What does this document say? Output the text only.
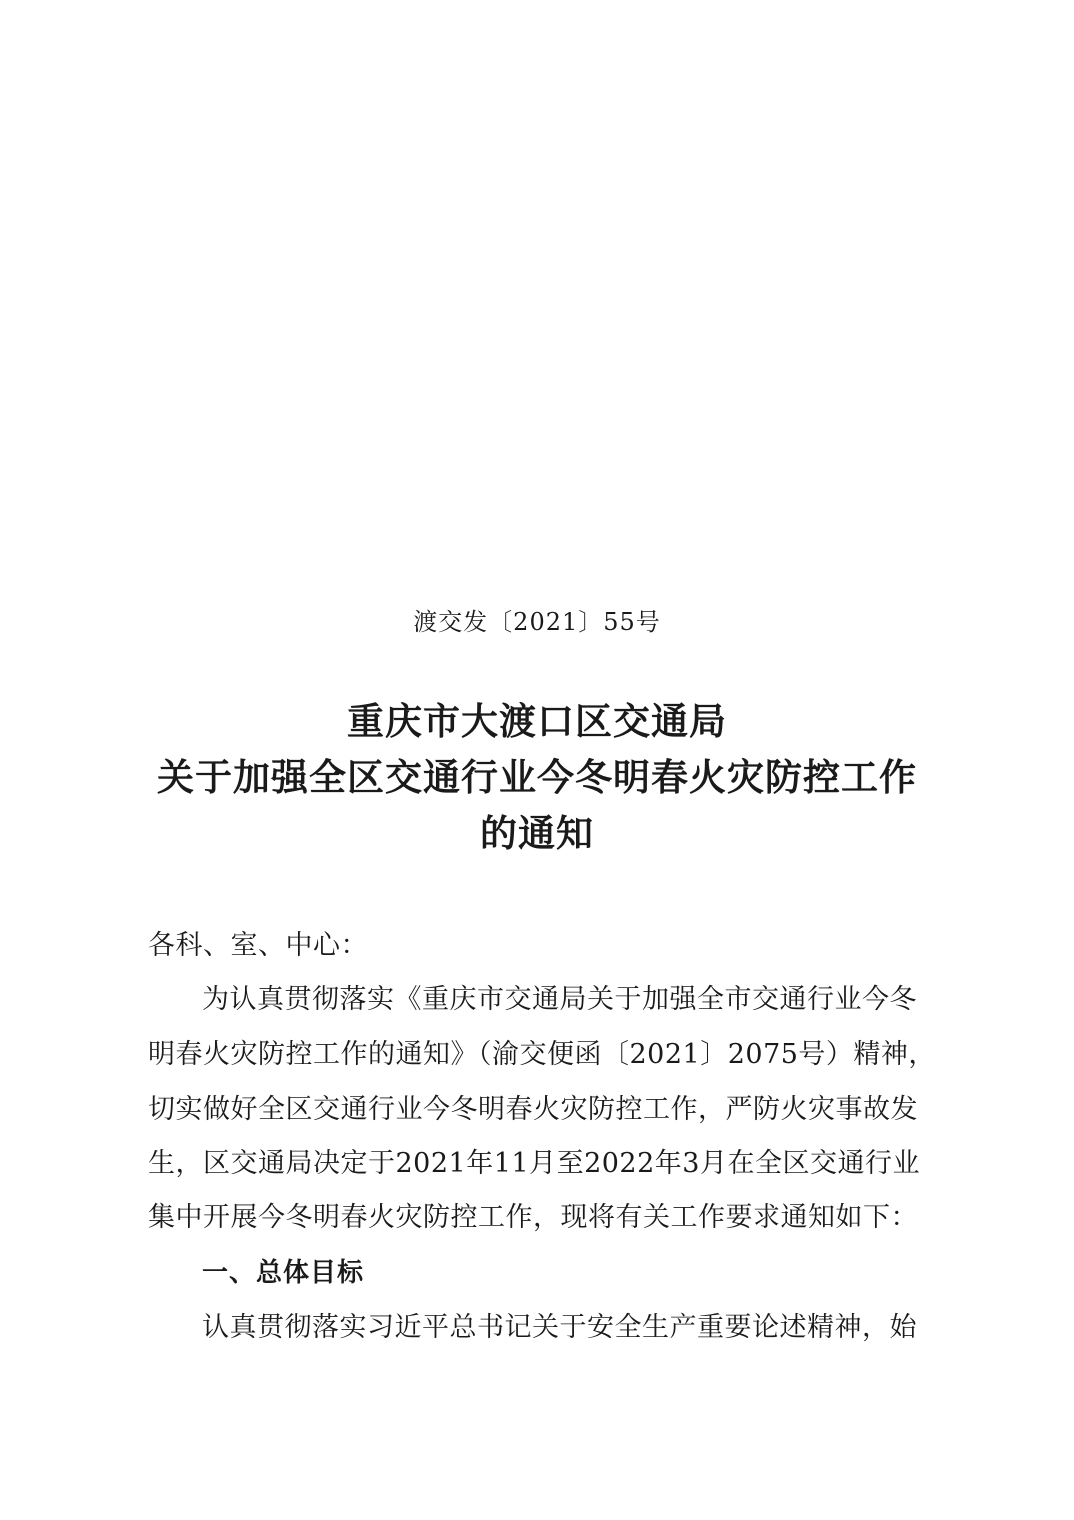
渡交发〔2021〕55号
重庆市大渡口区交通局
关于加强全区交通行业今冬明春火灾防控工作
的通知
各科、室、中心：
为认真贯彻落实《重庆市交通局关于加强全市交通行业今冬
明春火灾防控工作的通知》（渝交便函〔2021〕2075号）精神，
切实做好全区交通行业今冬明春火灾防控工作，严防火灾事故发
生，区交通局决定于2021年11月至2022年3月在全区交通行业
集中开展今冬明春火灾防控工作，现将有关工作要求通知如下：
一、总体目标
认真贯彻落实习近平总书记关于安全生产重要论述精神，始
